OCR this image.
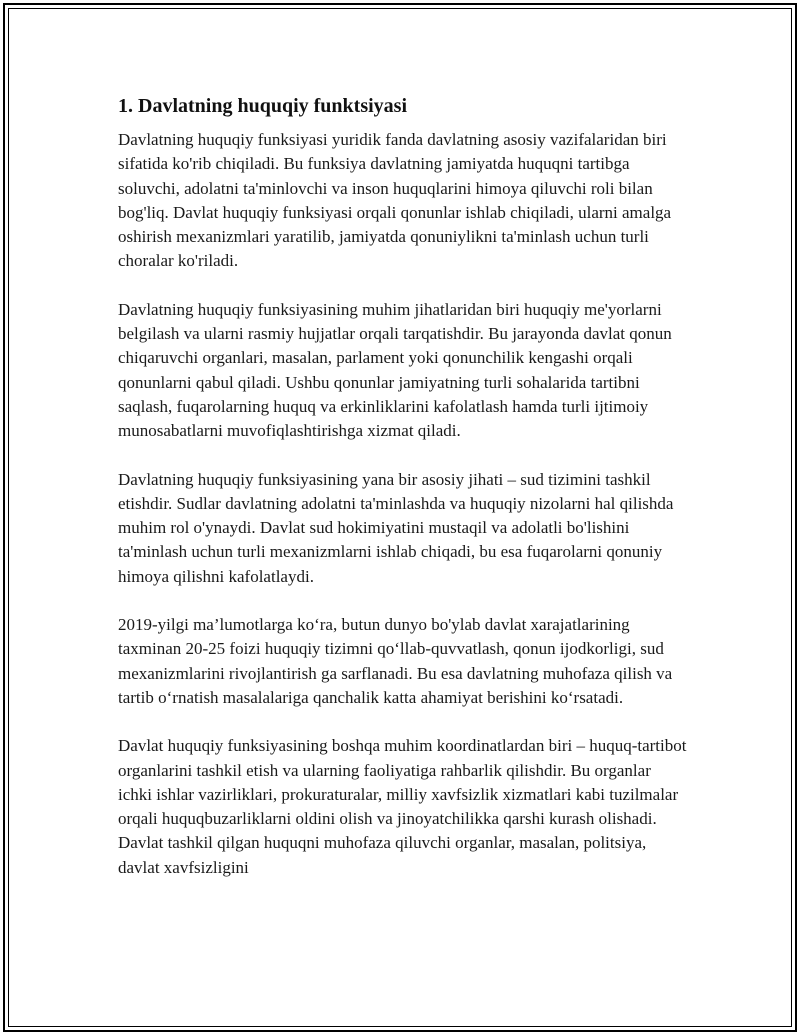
1. Davlatning huquqiy funktsiyasi

Davlatning huquqiy funksiyasi yuridik fanda davlatning asosiy vazifalaridan biri sifatida ko'rib chiqiladi. Bu funksiya davlatning jamiyatda huquqni tartibga soluvchi, adolatni ta'minlovchi va inson huquqlarini himoya qiluvchi roli bilan bog'liq. Davlat huquqiy funksiyasi orqali qonunlar ishlab chiqiladi, ularni amalga oshirish mexanizmlari yaratilib, jamiyatda qonuniylikni ta'minlash uchun turli choralar ko'riladi.

Davlatning huquqiy funksiyasining muhim jihatlaridan biri huquqiy me'yorlarni belgilash va ularni rasmiy hujjatlar orqali tarqatishdir. Bu jarayonda davlat qonun chiqaruvchi organlari, masalan, parlament yoki qonunchilik kengashi orqali qonunlarni qabul qiladi. Ushbu qonunlar jamiyatning turli sohalarida tartibni saqlash, fuqarolarning huquq va erkinliklarini kafolatlash hamda turli ijtimoiy munosabatlarni muvofiqlashtirishga xizmat qiladi.

Davlatning huquqiy funksiyasining yana bir asosiy jihati – sud tizimini tashkil etishdir. Sudlar davlatning adolatni ta'minlashda va huquqiy nizolarni hal qilishda muhim rol o'ynaydi. Davlat sud hokimiyatini mustaqil va adolatli bo'lishini ta'minlash uchun turli mexanizmlarni ishlab chiqadi, bu esa fuqarolarni qonuniy himoya qilishni kafolatlaydi.

2019-yilgi ma’lumotlarga ko‘ra, butun dunyo bo'ylab davlat xarajatlarining taxminan 20-25 foizi huquqiy tizimni qo‘llab-quvvatlash, qonun ijodkorligi, sud mexanizmlarini rivojlantirish ga sarflanadi. Bu esa davlatning muhofaza qilish va tartib o‘rnatish masalalariga qanchalik katta ahamiyat berishini ko‘rsatadi.

Davlat huquqiy funksiyasining boshqa muhim koordinatlardan biri – huquq-tartibot organlarini tashkil etish va ularning faoliyatiga rahbarlik qilishdir. Bu organlar ichki ishlar vazirliklari, prokuraturalar, milliy xavfsizlik xizmatlari kabi tuzilmalar orqali huquqbuzarliklarni oldini olish va jinoyatchilikka qarshi kurash olishadi. Davlat tashkil qilgan huquqni muhofaza qiluvchi organlar, masalan, politsiya, davlat xavfsizligini
